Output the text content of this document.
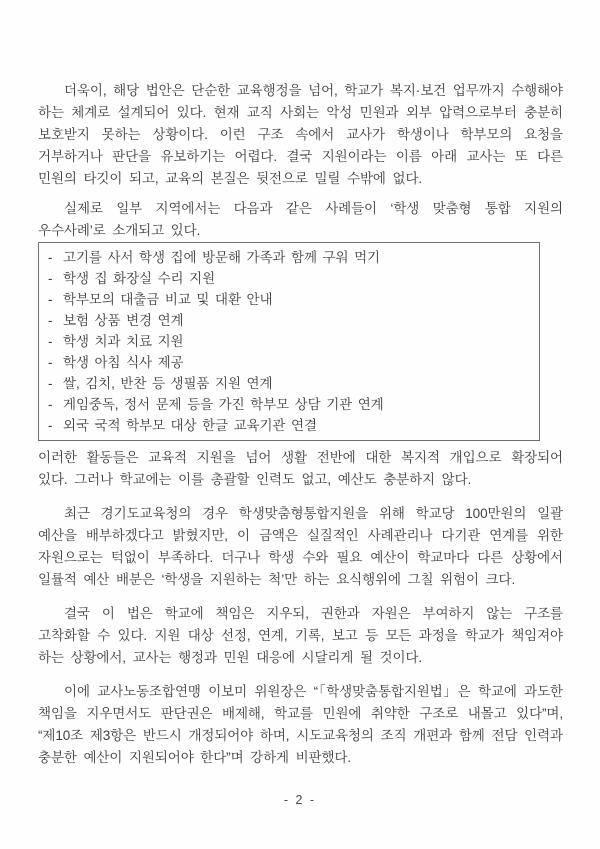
더욱이, 해당 법안은 단순한 교육행정을 넘어, 학교가 복지·보건 업무까지 수행해야 하는 체계로 설계되어 있다. 현재 교직 사회는 악성 민원과 외부 압력으로부터 충분히 보호받지 못하는 상황이다. 이런 구조 속에서 교사가 학생이나 학부모의 요청을 거부하거나 판단을 유보하기는 어렵다. 결국 지원이라는 이름 아래 교사는 또 다른 민원의 타깃이 되고, 교육의 본질은 뒷전으로 밀릴 수밖에 없다.

실제로 일부 지역에서는 다음과 같은 사례들이 ‘학생 맞춤형 통합 지원의 우수사례’로 소개되고 있다.

- 고기를 사서 학생 집에 방문해 가족과 함께 구워 먹기
- 학생 집 화장실 수리 지원
- 학부모의 대출금 비교 및 대환 안내
- 보험 상품 변경 연계
- 학생 치과 치료 지원
- 학생 아침 식사 제공
- 쌀, 김치, 반찬 등 생필품 지원 연계
- 게임중독, 정서 문제 등을 가진 학부모 상담 기관 연계
- 외국 국적 학부모 대상 한글 교육기관 연결

이러한 활동들은 교육적 지원을 넘어 생활 전반에 대한 복지적 개입으로 확장되어 있다. 그러나 학교에는 이를 총괄할 인력도 없고, 예산도 충분하지 않다.

최근 경기도교육청의 경우 학생맞춤형통합지원을 위해 학교당 100만원의 일괄 예산을 배부하겠다고 밝혔지만, 이 금액은 실질적인 사례관리나 다기관 연계를 위한 자원으로는 턱없이 부족하다. 더구나 학생 수와 필요 예산이 학교마다 다른 상황에서 일률적 예산 배분은 ‘학생을 지원하는 척’만 하는 요식행위에 그칠 위험이 크다.

결국 이 법은 학교에 책임은 지우되, 권한과 자원은 부여하지 않는 구조를 고착화할 수 있다. 지원 대상 선정, 연계, 기록, 보고 등 모든 과정을 학교가 책임져야 하는 상황에서, 교사는 행정과 민원 대응에 시달리게 될 것이다.

이에 교사노동조합연맹 이보미 위원장은 “「학생맞춤통합지원법」은 학교에 과도한 책임을 지우면서도 판단권은 배제해, 학교를 민원에 취약한 구조로 내몰고 있다”며, “제10조 제3항은 반드시 개정되어야 하며, 시도교육청의 조직 개편과 함께 전담 인력과 충분한 예산이 지원되어야 한다”며 강하게 비판했다.

- 2 -
